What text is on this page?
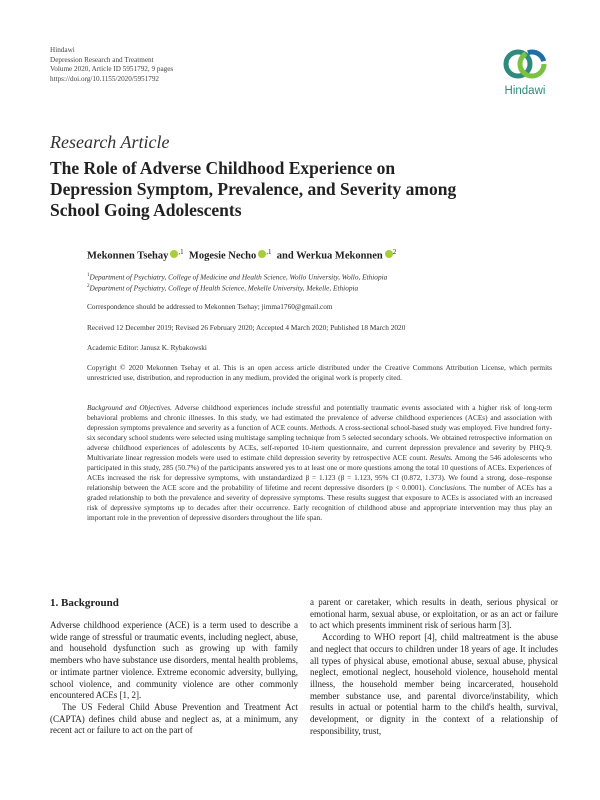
Hindawi
Depression Research and Treatment
Volume 2020, Article ID 5951792, 9 pages
https://doi.org/10.1155/2020/5951792
Hindawi
Research Article
The Role of Adverse Childhood Experience on
Depression Symptom, Prevalence, and Severity among
School Going Adolescents
Mekonnen Tsehay $^{,1}$ Mogesie Necho $^{,1}$ and Werkua Mekonnen $^2$
$^1$Department of Psychiatry, College of Medicine and Health Science, Wollo University, Wollo, Ethiopia
$^2$Department of Psychiatry, College of Health Science, Mekelle University, Mekelle, Ethiopia
Correspondence should be addressed to Mekonnen Tsehay; jimma1760@gmail.com
Received 12 December 2019; Revised 26 February 2020; Accepted 4 March 2020; Published 18 March 2020
Academic Editor: Janusz K. Rybakowski
Copyright © 2020 Mekonnen Tsehay et al. This is an open access article distributed under the Creative Commons Attribution License, which permits unrestricted use, distribution, and reproduction in any medium, provided the original work is properly cited.
Background and Objectives. Adverse childhood experiences include stressful and potentially traumatic events associated with a higher risk of long-term behavioral problems and chronic illnesses. In this study, we had estimated the prevalence of adverse childhood experiences (ACEs) and association with depression symptoms prevalence and severity as a function of ACE counts. Methods. A cross-sectional school-based study was employed. Five hundred forty-six secondary school students were selected using multistage sampling technique from 5 selected secondary schools. We obtained retrospective information on adverse childhood experiences of adolescents by ACEs, self-reported 10-item questionnaire, and current depression prevalence and severity by PHQ-9. Multivariate linear regression models were used to estimate child depression severity by retrospective ACE count. Results. Among the 546 adolescents who participated in this study, 285 (50.7%) of the participants answered yes to at least one or more questions among the total 10 questions of ACEs. Experiences of ACEs increased the risk for depressive symptoms, with unstandardized β = 1.123 (β = 1.123, 95% CI (0.872, 1.373). We found a strong, dose–response relationship between the ACE score and the probability of lifetime and recent depressive disorders (p < 0.0001). Conclusions. The number of ACEs has a graded relationship to both the prevalence and severity of depressive symptoms. These results suggest that exposure to ACEs is associated with an increased risk of depressive symptoms up to decades after their occurrence. Early recognition of childhood abuse and appropriate intervention may thus play an important role in the prevention of depressive disorders throughout the life span.
1. Background

Adverse childhood experience (ACE) is a term used to describe a wide range of stressful or traumatic events, including neglect, abuse, and household dysfunction such as growing up with family members who have substance use disorders, mental health problems, or intimate partner violence. Extreme economic adversity, bullying, school violence, and community violence are other commonly encountered ACEs [1, 2].

The US Federal Child Abuse Prevention and Treatment Act (CAPTA) defines child abuse and neglect as, at a minimum, any recent act or failure to act on the part of

a parent or caretaker, which results in death, serious physical or emotional harm, sexual abuse, or exploitation, or as an act or failure to act which presents imminent risk of serious harm [3].

According to WHO report [4], child maltreatment is the abuse and neglect that occurs to children under 18 years of age. It includes all types of physical abuse, emotional abuse, sexual abuse, physical neglect, emotional neglect, household violence, household mental illness, the household member being incarcerated, household member substance use, and parental divorce/instability, which results in actual or potential harm to the child's health, survival, development, or dignity in the context of a relationship of responsibility, trust,
